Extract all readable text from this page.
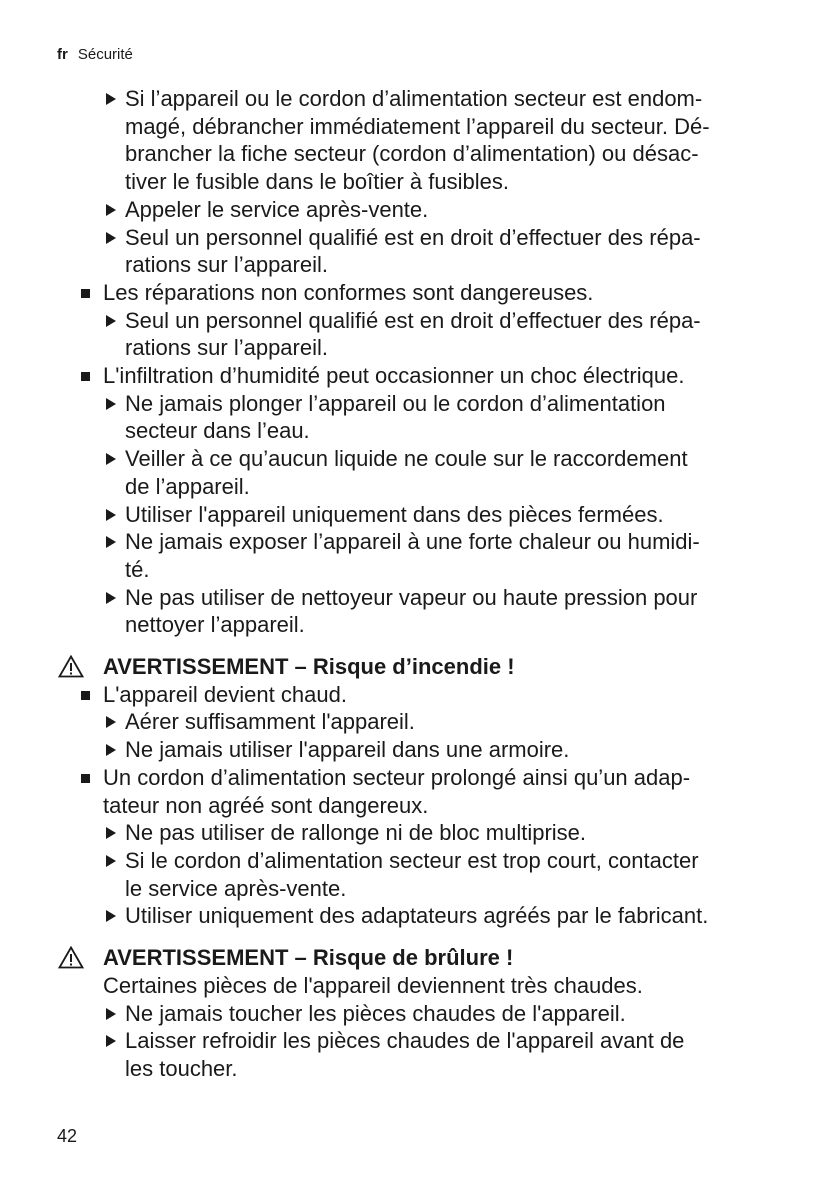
fr Sécurité
Si l’appareil ou le cordon d’alimentation secteur est endom-
magé, débrancher immédiatement l’appareil du secteur. Dé-
brancher la fiche secteur (cordon d’alimentation) ou désac-
tiver le fusible dans le boîtier à fusibles.
Appeler le service après-vente.
Seul un personnel qualifié est en droit d’effectuer des répa-
rations sur l’appareil.
Les réparations non conformes sont dangereuses.
Seul un personnel qualifié est en droit d’effectuer des répa-
rations sur l’appareil.
L'infiltration d’humidité peut occasionner un choc électrique.
Ne jamais plonger l’appareil ou le cordon d’alimentation
secteur dans l’eau.
Veiller à ce qu’aucun liquide ne coule sur le raccordement
de l’appareil.
Utiliser l'appareil uniquement dans des pièces fermées.
Ne jamais exposer l’appareil à une forte chaleur ou humidi-
té.
Ne pas utiliser de nettoyeur vapeur ou haute pression pour
nettoyer l’appareil.
AVERTISSEMENT – Risque d’incendie !
L'appareil devient chaud.
Aérer suffisamment l'appareil.
Ne jamais utiliser l'appareil dans une armoire.
Un cordon d’alimentation secteur prolongé ainsi qu’un adap-
tateur non agréé sont dangereux.
Ne pas utiliser de rallonge ni de bloc multiprise.
Si le cordon d’alimentation secteur est trop court, contacter
le service après-vente.
Utiliser uniquement des adaptateurs agréés par le fabricant.
AVERTISSEMENT – Risque de brûlure !
Certaines pièces de l'appareil deviennent très chaudes.
Ne jamais toucher les pièces chaudes de l'appareil.
Laisser refroidir les pièces chaudes de l'appareil avant de
les toucher.
42
